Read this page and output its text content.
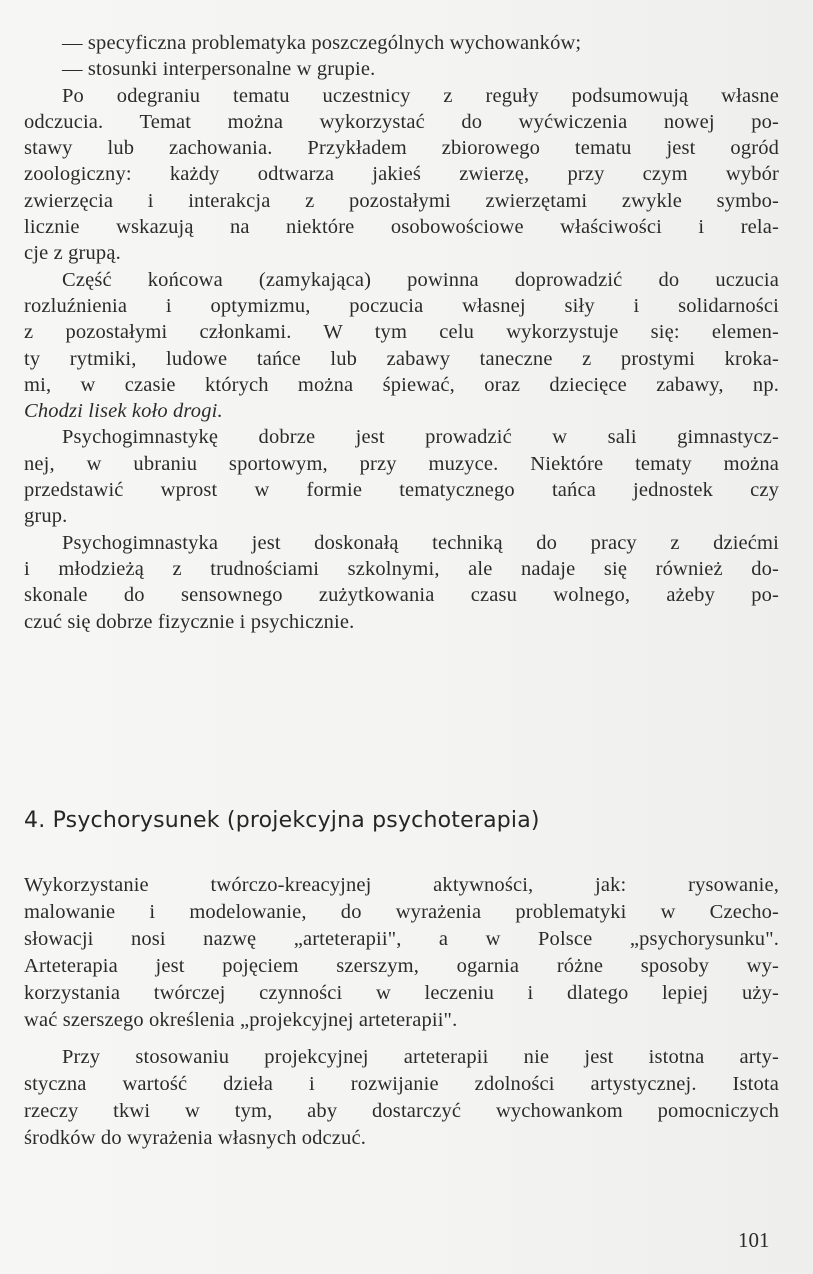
— specyficzna problematyka poszczególnych wychowanków;
— stosunki interpersonalne w grupie.
Po odegraniu tematu uczestnicy z reguły podsumowują własne
odczucia. Temat można wykorzystać do wyćwiczenia nowej po-
stawy lub zachowania. Przykładem zbiorowego tematu jest ogród
zoologiczny: każdy odtwarza jakieś zwierzę, przy czym wybór
zwierzęcia i interakcja z pozostałymi zwierzętami zwykle symbo-
licznie wskazują na niektóre osobowościowe właściwości i rela-
cje z grupą.
Część końcowa (zamykająca) powinna doprowadzić do uczucia
rozluźnienia i optymizmu, poczucia własnej siły i solidarności
z pozostałymi członkami. W tym celu wykorzystuje się: elemen-
ty rytmiki, ludowe tańce lub zabawy taneczne z prostymi kroka-
mi, w czasie których można śpiewać, oraz dziecięce zabawy, np.
Chodzi lisek koło drogi.
Psychogimnastykę dobrze jest prowadzić w sali gimnastycz-
nej, w ubraniu sportowym, przy muzyce. Niektóre tematy można
przedstawić wprost w formie tematycznego tańca jednostek czy
grup.
Psychogimnastyka jest doskonałą techniką do pracy z dziećmi
i młodzieżą z trudnościami szkolnymi, ale nadaje się również do-
skonale do sensownego zużytkowania czasu wolnego, ażeby po-
czuć się dobrze fizycznie i psychicznie.
4. Psychorysunek (projekcyjna psychoterapia)
Wykorzystanie twórczo-kreacyjnej aktywności, jak: rysowanie,
malowanie i modelowanie, do wyrażenia problematyki w Czecho-
słowacji nosi nazwę „arteterapii", a w Polsce „psychorysunku".
Arteterapia jest pojęciem szerszym, ogarnia różne sposoby wy-
korzystania twórczej czynności w leczeniu i dlatego lepiej uży-
wać szerszego określenia „projekcyjnej arteterapii".
Przy stosowaniu projekcyjnej arteterapii nie jest istotna arty-
styczna wartość dzieła i rozwijanie zdolności artystycznej. Istota
rzeczy tkwi w tym, aby dostarczyć wychowankom pomocniczych
środków do wyrażenia własnych odczuć.
101
